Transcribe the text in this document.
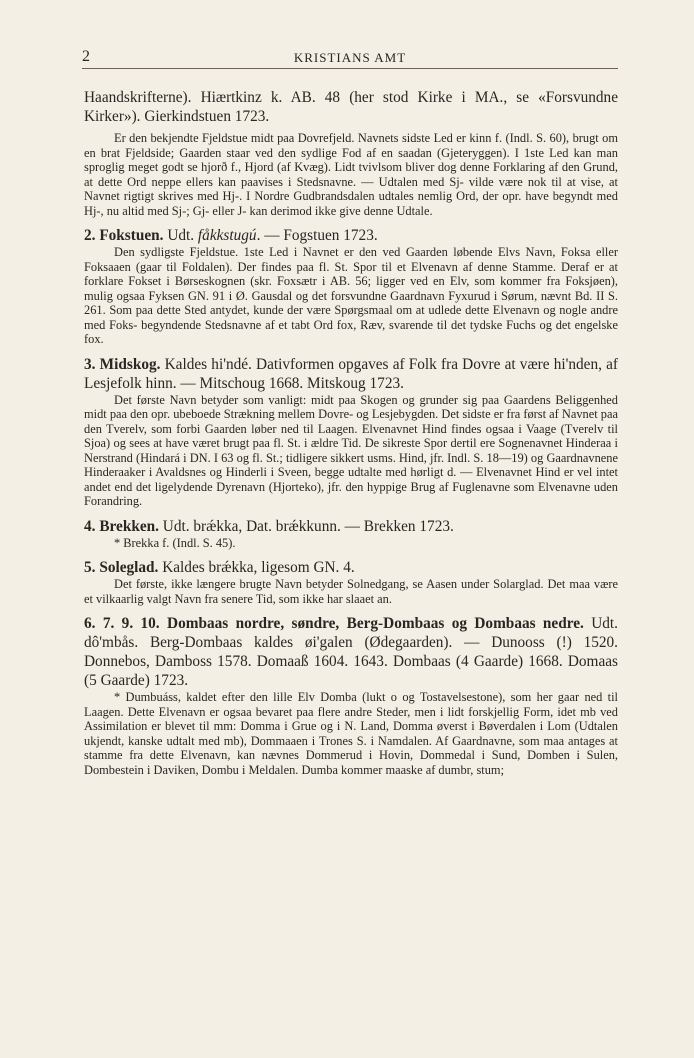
2	KRISTIANS AMT

Haandskrifterne). Hiærtkinz k. AB. 48 (her stod Kirke i MA., se «Forsvundne Kirker»). Gierkindstuen 1723.

Er den bekjendte Fjeldstue midt paa Dovrefjeld. Navnets sidste Led er kinn f. (Indl. S. 60), brugt om en brat Fjeldside; Gaarden staar ved den sydlige Fod af en saadan (Gjeteryggen). I 1ste Led kan man sproglig meget godt se hjorð f., Hjord (af Kvæg). Lidt tvivlsom bliver dog denne Forklaring af den Grund, at dette Ord neppe ellers kan paavises i Stedsnavne. — Udtalen med Sj- vilde være nok til at vise, at Navnet rigtigt skrives med Hj-. I Nordre Gudbrandsdalen udtales nemlig Ord, der opr. have begyndt med Hj-, nu altid med Sj-; Gj- eller J- kan derimod ikke give denne Udtale.

2. Fokstuen. Udt. fåkkstugú. — Fogstuen 1723.

Den sydligste Fjeldstue. 1ste Led i Navnet er den ved Gaarden løbende Elvs Navn, Foksa eller Foksaaen (gaar til Foldalen). Der findes paa fl. St. Spor til et Elvenavn af denne Stamme. Deraf er at forklare Fokset i Børseskognen (skr. Foxsætr i AB. 56; ligger ved en Elv, som kommer fra Foksjøen), mulig ogsaa Fyksen GN. 91 i Ø. Gausdal og det forsvundne Gaardnavn Fyxurud i Sørum, nævnt Bd. II S. 261. Som paa dette Sted antydet, kunde der være Spørgsmaal om at udlede dette Elvenavn og nogle andre med Foks- begyndende Stedsnavne af et tabt Ord fox, Ræv, svarende til det tydske Fuchs og det engelske fox.

3. Midskog. Kaldes hi'ndé. Dativformen opgaves af Folk fra Dovre at være hi'nden, af Lesjefolk hinn. — Mitschoug 1668. Mitskoug 1723.

Det første Navn betyder som vanligt: midt paa Skogen og grunder sig paa Gaardens Beliggenhed midt paa den opr. ubeboede Strækning mellem Dovre- og Lesjebygden. Det sidste er fra først af Navnet paa den Tverelv, som forbi Gaarden løber ned til Laagen. Elvenavnet Hind findes ogsaa i Vaage (Tverelv til Sjoa) og sees at have været brugt paa fl. St. i ældre Tid. De sikreste Spor dertil ere Sognenavnet Hinderaa i Nerstrand (Hindará i DN. I 63 og fl. St.; tidligere sikkert usms. Hind, jfr. Indl. S. 18—19) og Gaardnavnene Hinderaaker i Avaldsnes og Hinderli i Sveen, begge udtalte med hørligt d. — Elvenavnet Hind er vel intet andet end det ligelydende Dyrenavn (Hjorteko), jfr. den hyppige Brug af Fuglenavne som Elvenavne uden Forandring.

4. Brekken. Udt. brǽkka, Dat. brǽkkunn. — Brekken 1723.

* Brekka f. (Indl. S. 45).

5. Soleglad. Kaldes brǽkka, ligesom GN. 4.

Det første, ikke længere brugte Navn betyder Solnedgang, se Aasen under Solarglad. Det maa være et vilkaarlig valgt Navn fra senere Tid, som ikke har slaaet an.

6. 7. 9. 10. Dombaas nordre, søndre, Berg-Dombaas og Dombaas nedre. Udt. dô'mbås. Berg-Dombaas kaldes øi'galen (Ødegaarden). — Dunooss (!) 1520. Donnebos, Damboss 1578. Domaaß 1604. 1643. Dombaas (4 Gaarde) 1668. Domaas (5 Gaarde) 1723.

* Dumbuáss, kaldet efter den lille Elv Domba (lukt o og Tostavelsestone), som her gaar ned til Laagen. Dette Elvenavn er ogsaa bevaret paa flere andre Steder, men i lidt forskjellig Form, idet mb ved Assimilation er blevet til mm: Domma i Grue og i N. Land, Domma øverst i Bøverdalen i Lom (Udtalen ukjendt, kanske udtalt med mb), Dommaaen i Trones S. i Namdalen. Af Gaardnavne, som maa antages at stamme fra dette Elvenavn, kan nævnes Dommerud i Hovin, Dommedal i Sund, Domben i Sulen, Dombestein i Daviken, Dombu i Meldalen. Dumba kommer maaske af dumbr, stum;
